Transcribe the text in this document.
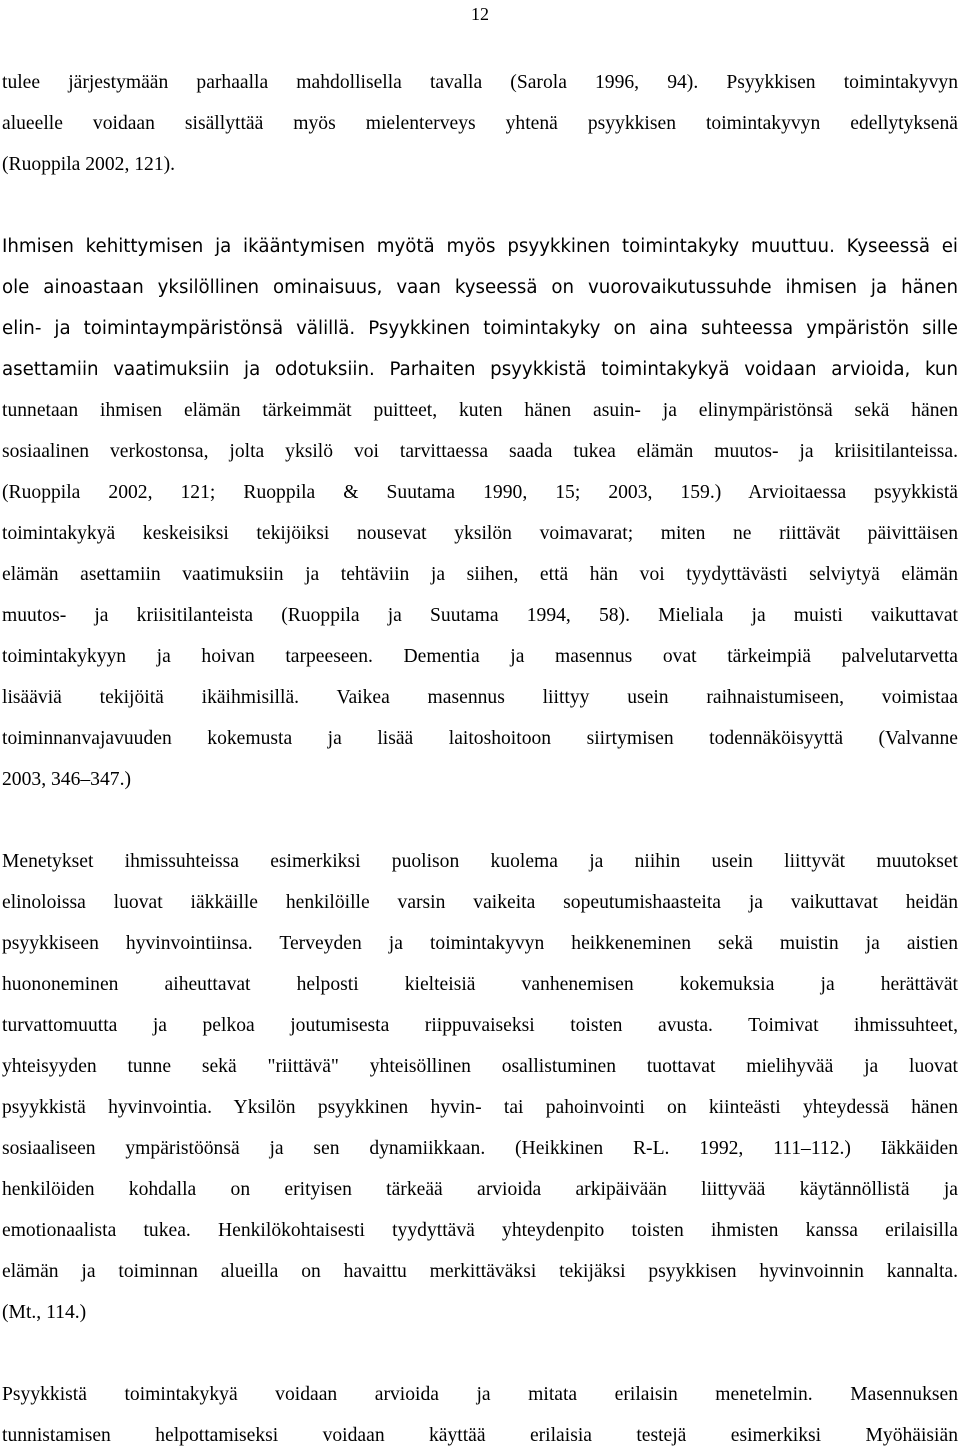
12

tulee järjestymään parhaalla mahdollisella tavalla (Sarola 1996, 94). Psyykkisen toimintakyvyn
alueelle voidaan sisällyttää myös mielenterveys yhtenä psyykkisen toimintakyvyn edellytyksenä
(Ruoppila 2002, 121).

Ihmisen kehittymisen ja ikääntymisen myötä myös psyykkinen toimintakyky muuttuu. Kyseessä ei
ole ainoastaan yksilöllinen ominaisuus, vaan kyseessä on vuorovaikutussuhde ihmisen ja hänen
elin- ja toimintaympäristönsä välillä. Psyykkinen toimintakyky on aina suhteessa ympäristön sille
asettamiin vaatimuksiin ja odotuksiin. Parhaiten psyykkistä toimintakykyä voidaan arvioida, kun
tunnetaan ihmisen elämän tärkeimmät puitteet, kuten hänen asuin- ja elinympäristönsä sekä hänen
sosiaalinen verkostonsa, jolta yksilö voi tarvittaessa saada tukea elämän muutos- ja kriisitilanteissa.
(Ruoppila 2002, 121; Ruoppila & Suutama 1990, 15; 2003, 159.) Arvioitaessa psyykkistä
toimintakykyä keskeisiksi tekijöiksi nousevat yksilön voimavarat; miten ne riittävät päivittäisen
elämän asettamiin vaatimuksiin ja tehtäviin ja siihen, että hän voi tyydyttävästi selviytyä elämän
muutos- ja kriisitilanteista (Ruoppila ja Suutama 1994, 58). Mieliala ja muisti vaikuttavat
toimintakykyyn ja hoivan tarpeeseen. Dementia ja masennus ovat tärkeimpiä palvelutarvetta
lisääviä tekijöitä ikäihmisillä. Vaikea masennus liittyy usein raihnaistumiseen, voimistaa
toiminnanvajavuuden kokemusta ja lisää laitoshoitoon siirtymisen todennäköisyyttä (Valvanne
2003, 346–347.)

Menetykset ihmissuhteissa esimerkiksi puolison kuolema ja niihin usein liittyvät muutokset
elinoloissa luovat iäkkäille henkilöille varsin vaikeita sopeutumishaasteita ja vaikuttavat heidän
psyykkiseen hyvinvointiinsa. Terveyden ja toimintakyvyn heikkeneminen sekä muistin ja aistien
huononeminen aiheuttavat helposti kielteisiä vanhenemisen kokemuksia ja herättävät
turvattomuutta ja pelkoa joutumisesta riippuvaiseksi toisten avusta. Toimivat ihmissuhteet,
yhteisyyden tunne sekä "riittävä" yhteisöllinen osallistuminen tuottavat mielihyvää ja luovat
psyykkistä hyvinvointia. Yksilön psyykkinen hyvin- tai pahoinvointi on kiinteästi yhteydessä hänen
sosiaaliseen ympäristöönsä ja sen dynamiikkaan. (Heikkinen R-L. 1992, 111–112.) Iäkkäiden
henkilöiden kohdalla on erityisen tärkeää arvioida arkipäivään liittyvää käytännöllistä ja
emotionaalista tukea. Henkilökohtaisesti tyydyttävä yhteydenpito toisten ihmisten kanssa erilaisilla
elämän ja toiminnan alueilla on havaittu merkittäväksi tekijäksi psyykkisen hyvinvoinnin kannalta.
(Mt., 114.)

Psyykkistä toimintakykyä voidaan arvioida ja mitata erilaisin menetelmin. Masennuksen
tunnistamisen helpottamiseksi voidaan käyttää erilaisia testejä esimerkiksi Myöhäisiän
